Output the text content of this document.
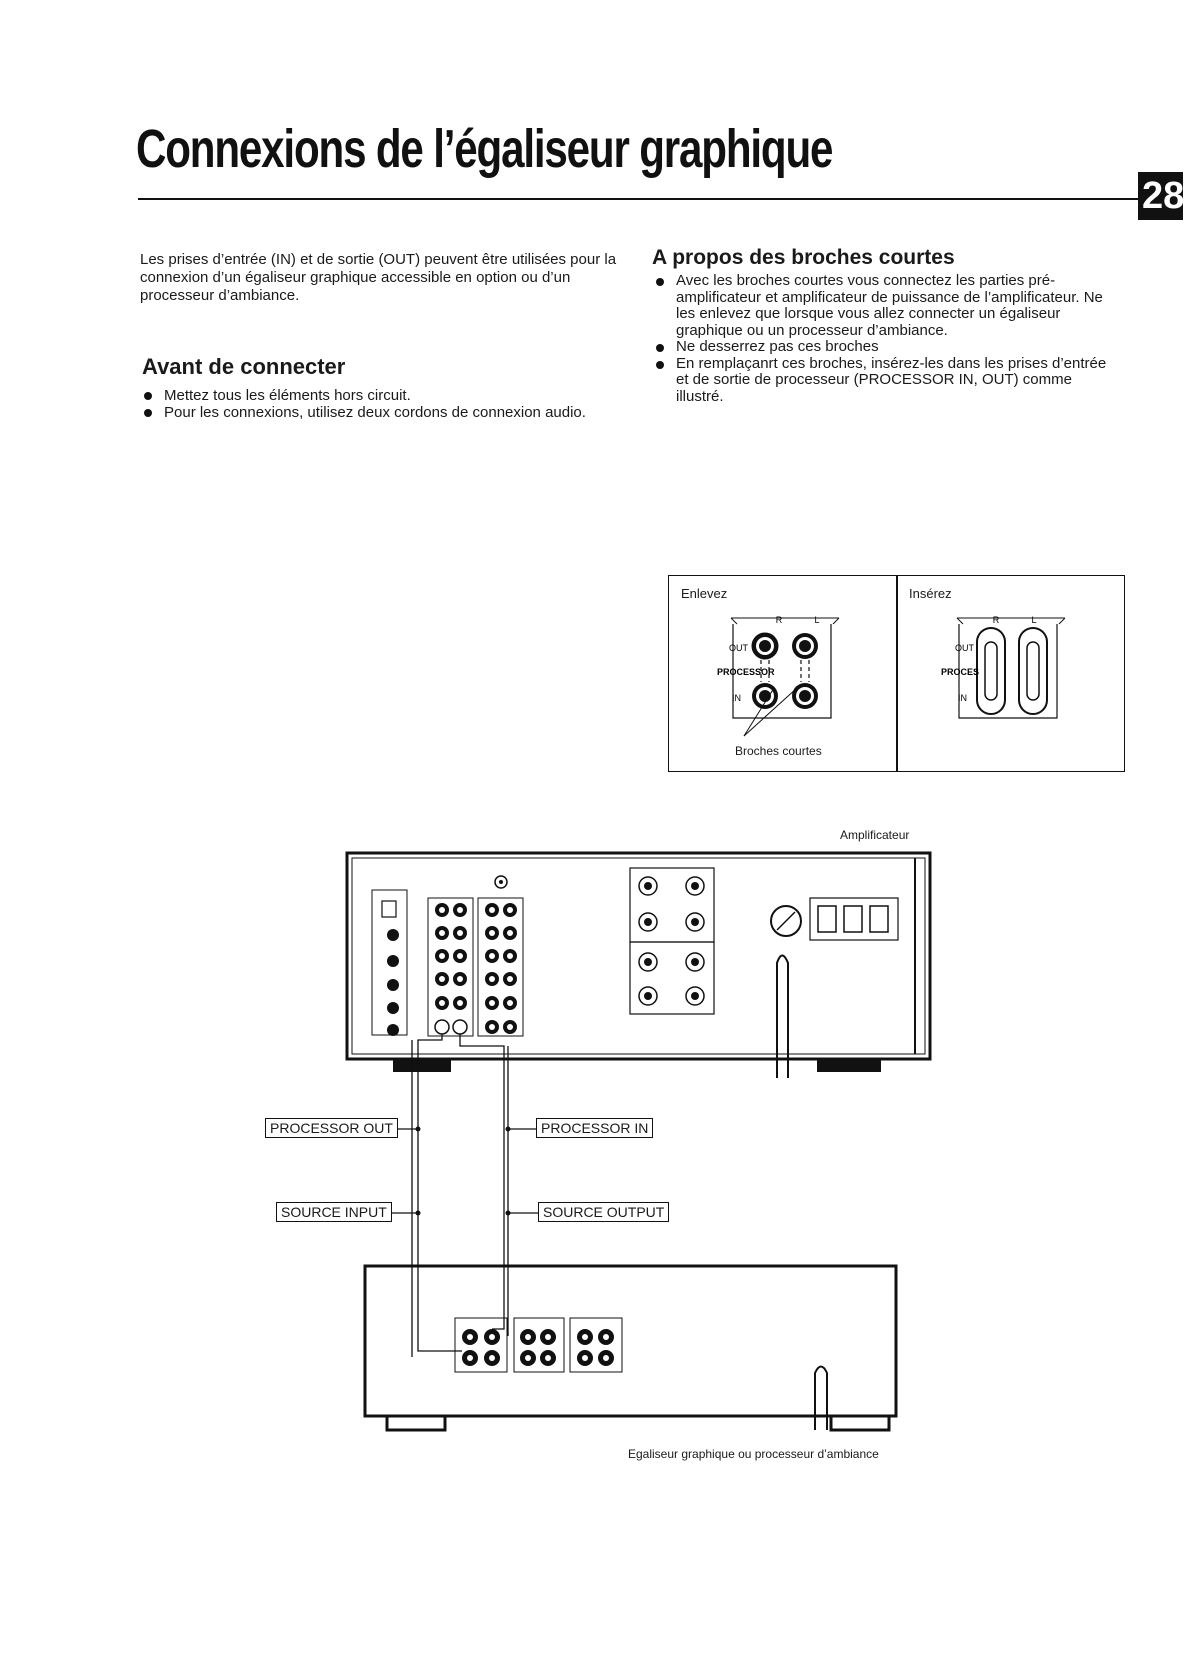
Connexions de l’égaliseur graphique
28

Les prises d’entrée (IN) et de sortie (OUT) peuvent être utilisées pour la connexion d’un égaliseur graphique accessible en option ou d’un processeur d’ambiance.

Avant de connecter
Mettez tous les éléments hors circuit.
Pour les connexions, utilisez deux cordons de connexion audio.
A propos des broches courtes
Avec les broches courtes vous connectez les parties pré-amplificateur et amplificateur de puissance de l’amplificateur. Ne les enlevez que lorsque vous allez connecter un égaliseur graphique ou un processeur d’ambiance.
Ne desserrez pas ces broches
En remplaçanrt ces broches, insérez-les dans les prises d’entrée et de sortie de processeur (PROCESSOR IN, OUT) comme illustré.
Enlevez	Insérez
R	L
OUT
PROCESSOR
IN
R	L
OUT
PROCES
IN
Broches courtes
Amplificateur
PROCESSOR OUT	PROCESSOR IN
SOURCE INPUT	SOURCE OUTPUT
Egaliseur graphique ou processeur d’ambiance
